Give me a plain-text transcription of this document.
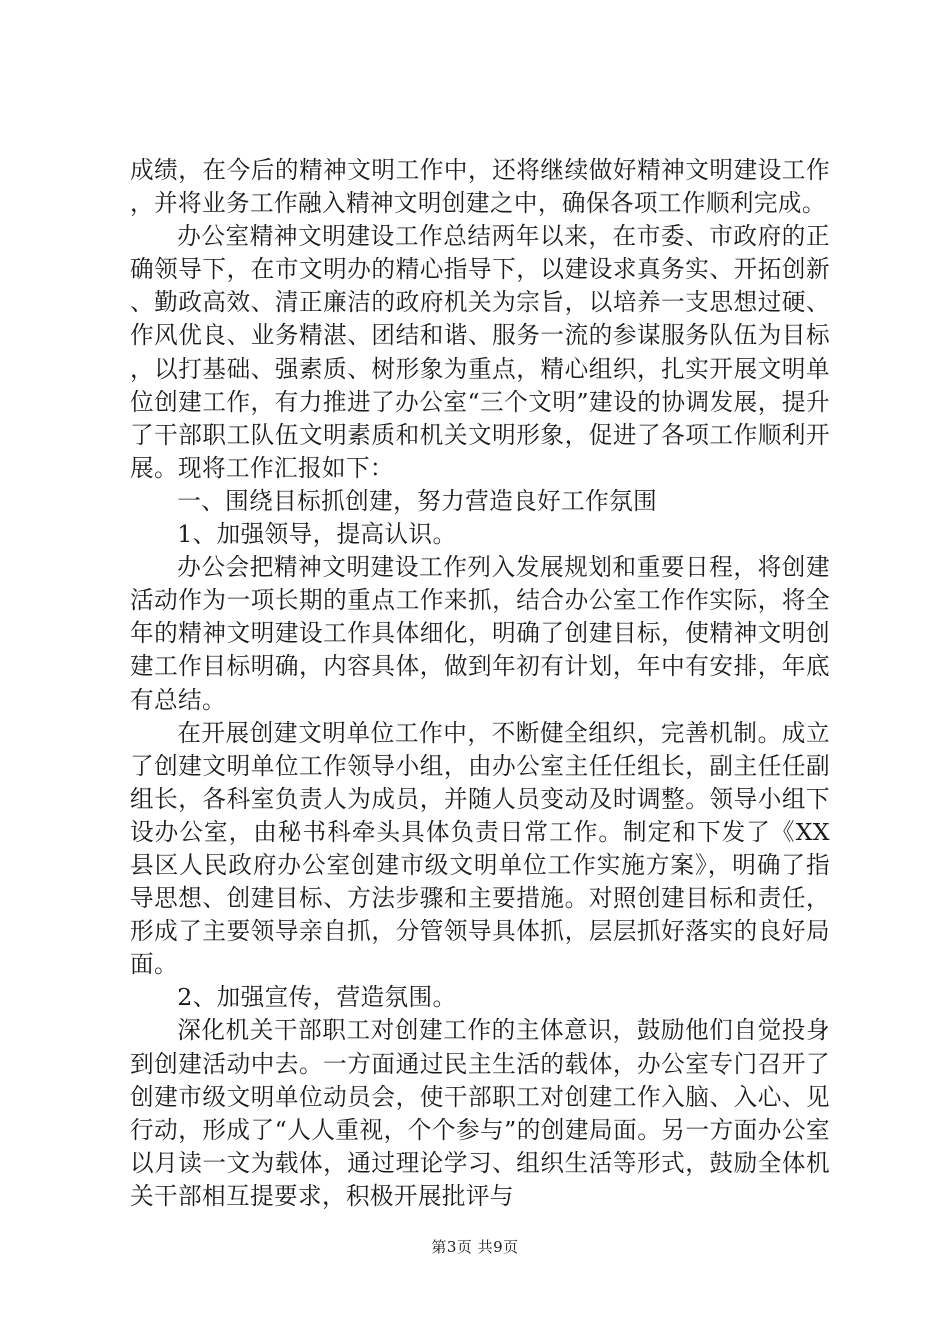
成绩，在今后的精神文明工作中，还将继续做好精神文明建设工作，并将业务工作融入精神文明创建之中，确保各项工作顺利完成。

办公室精神文明建设工作总结两年以来，在市委、市政府的正确领导下，在市文明办的精心指导下，以建设求真务实、开拓创新、勤政高效、清正廉洁的政府机关为宗旨，以培养一支思想过硬、作风优良、业务精湛、团结和谐、服务一流的参谋服务队伍为目标，以打基础、强素质、树形象为重点，精心组织，扎实开展文明单位创建工作，有力推进了办公室“三个文明”建设的协调发展，提升了干部职工队伍文明素质和机关文明形象，促进了各项工作顺利开展。现将工作汇报如下：

一、围绕目标抓创建，努力营造良好工作氛围

1、加强领导，提高认识。

办公会把精神文明建设工作列入发展规划和重要日程，将创建活动作为一项长期的重点工作来抓，结合办公室工作作实际，将全年的精神文明建设工作具体细化，明确了创建目标，使精神文明创建工作目标明确，内容具体，做到年初有计划，年中有安排，年底有总结。

在开展创建文明单位工作中，不断健全组织，完善机制。成立了创建文明单位工作领导小组，由办公室主任任组长，副主任任副组长，各科室负责人为成员，并随人员变动及时调整。领导小组下设办公室，由秘书科牵头具体负责日常工作。制定和下发了《XX县区人民政府办公室创建市级文明单位工作实施方案》，明确了指导思想、创建目标、方法步骤和主要措施。对照创建目标和责任，形成了主要领导亲自抓，分管领导具体抓，层层抓好落实的良好局面。

2、加强宣传，营造氛围。

深化机关干部职工对创建工作的主体意识，鼓励他们自觉投身到创建活动中去。一方面通过民主生活的载体，办公室专门召开了创建市级文明单位动员会，使干部职工对创建工作入脑、入心、见行动，形成了“人人重视，个个参与”的创建局面。另一方面办公室以月读一文为载体，通过理论学习、组织生活等形式，鼓励全体机关干部相互提要求，积极开展批评与

第3页 共9页
